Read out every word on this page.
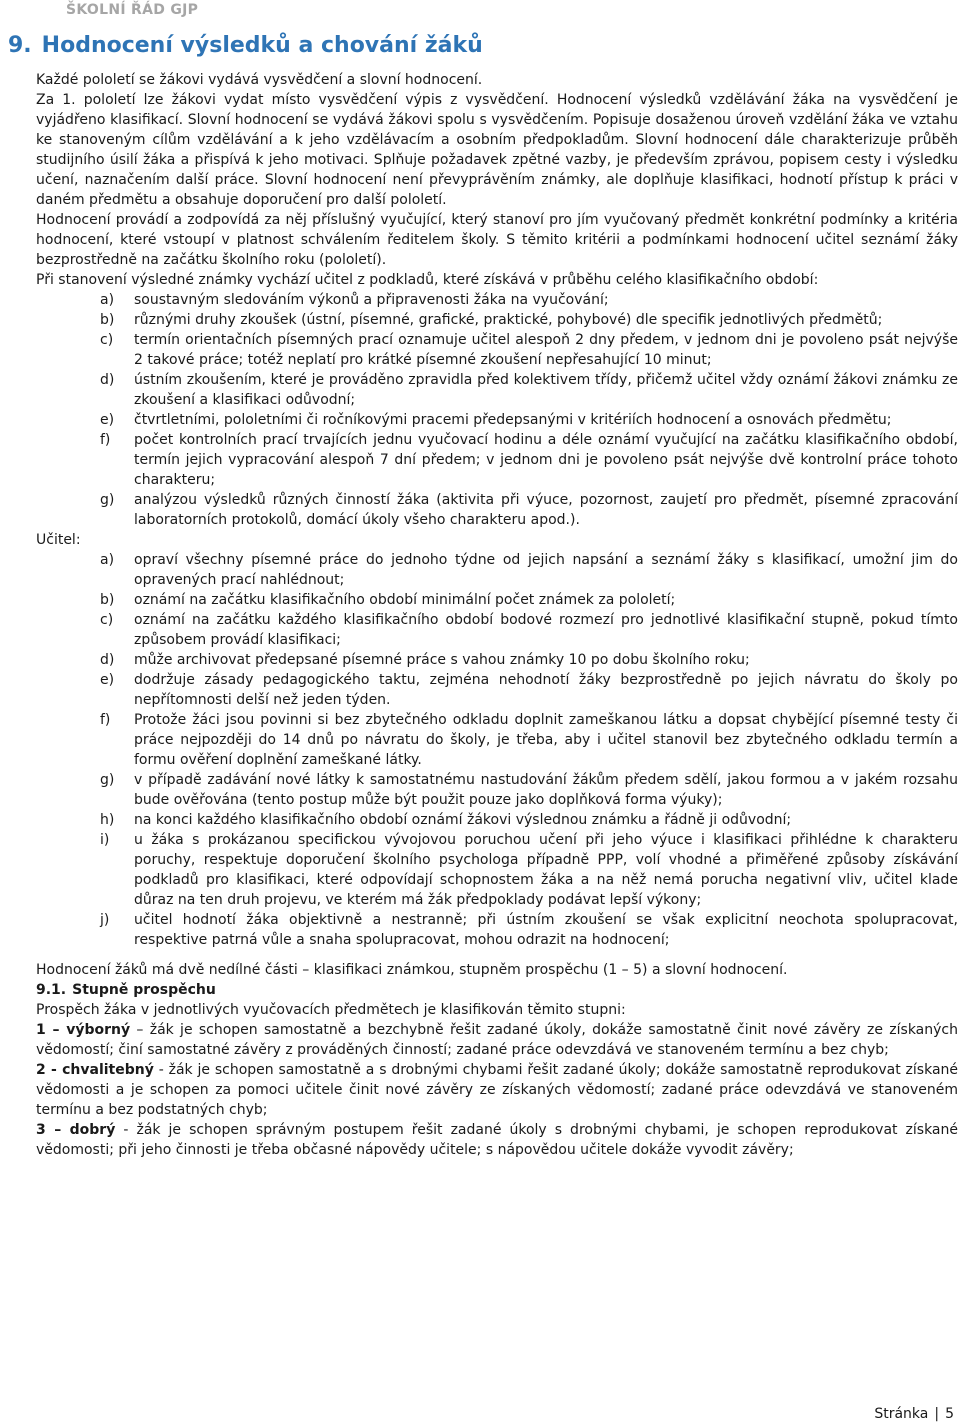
ŠKOLNÍ ŘÁD GJP
9. Hodnocení výsledků a chování žáků

Každé pololetí se žákovi vydává vysvědčení a slovní hodnocení.

Za 1. pololetí lze žákovi vydat místo vysvědčení výpis z vysvědčení. Hodnocení výsledků vzdělávání žáka na vysvědčení je vyjádřeno klasifikací. Slovní hodnocení se vydává žákovi spolu s vysvědčením. Popisuje dosaženou úroveň vzdělání žáka ve vztahu ke stanoveným cílům vzdělávání a k jeho vzdělávacím a osobním předpokladům. Slovní hodnocení dále charakterizuje průběh studijního úsilí žáka a přispívá k jeho motivaci. Splňuje požadavek zpětné vazby, je především zprávou, popisem cesty i výsledku učení, naznačením další práce. Slovní hodnocení není převyprávěním známky, ale doplňuje klasifikaci, hodnotí přístup k práci v daném předmětu a obsahuje doporučení pro další pololetí.

Hodnocení provádí a zodpovídá za něj příslušný vyučující, který stanoví pro jím vyučovaný předmět konkrétní podmínky a kritéria hodnocení, které vstoupí v platnost schválením ředitelem školy. S těmito kritérii a podmínkami hodnocení učitel seznámí žáky bezprostředně na začátku školního roku (pololetí).

Při stanovení výsledné známky vychází učitel z podkladů, které získává v průběhu celého klasifikačního období:

a) soustavným sledováním výkonů a připravenosti žáka na vyučování;
b) různými druhy zkoušek (ústní, písemné, grafické, praktické, pohybové) dle specifik jednotlivých předmětů;
c) termín orientačních písemných prací oznamuje učitel alespoň 2 dny předem, v jednom dni je povoleno psát nejvýše 2 takové práce; totéž neplatí pro krátké písemné zkoušení nepřesahující 10 minut;
d) ústním zkoušením, které je prováděno zpravidla před kolektivem třídy, přičemž učitel vždy oznámí žákovi známku ze zkoušení a klasifikaci odůvodní;
e) čtvrtletními, pololetními či ročníkovými pracemi předepsanými v kritériích hodnocení a osnovách předmětu;
f) počet kontrolních prací trvajících jednu vyučovací hodinu a déle oznámí vyučující na začátku klasifikačního období, termín jejich vypracování alespoň 7 dní předem; v jednom dni je povoleno psát nejvýše dvě kontrolní práce tohoto charakteru;
g) analýzou výsledků různých činností žáka (aktivita při výuce, pozornost, zaujetí pro předmět, písemné zpracování laboratorních protokolů, domácí úkoly všeho charakteru apod.).

Učitel:

a) opraví všechny písemné práce do jednoho týdne od jejich napsání a seznámí žáky s klasifikací, umožní jim do opravených prací nahlédnout;
b) oznámí na začátku klasifikačního období minimální počet známek za pololetí;
c) oznámí na začátku každého klasifikačního období bodové rozmezí pro jednotlivé klasifikační stupně, pokud tímto způsobem provádí klasifikaci;
d) může archivovat předepsané písemné práce s vahou známky 10 po dobu školního roku;
e) dodržuje zásady pedagogického taktu, zejména nehodnotí žáky bezprostředně po jejich návratu do školy po nepřítomnosti delší než jeden týden.
f) Protože žáci jsou povinni si bez zbytečného odkladu doplnit zameškanou látku a dopsat chybějící písemné testy či práce nejpozději do 14 dnů po návratu do školy, je třeba, aby i učitel stanovil bez zbytečného odkladu termín a formu ověření doplnění zameškané látky.
g) v případě zadávání nové látky k samostatnému nastudování žákům předem sdělí, jakou formou a v jakém rozsahu bude ověřována (tento postup může být použit pouze jako doplňková forma výuky);
h) na konci každého klasifikačního období oznámí žákovi výslednou známku a řádně ji odůvodní;
i) u žáka s prokázanou specifickou vývojovou poruchou učení při jeho výuce i klasifikaci přihlédne k charakteru poruchy, respektuje doporučení školního psychologa případně PPP, volí vhodné a přiměřené způsoby získávání podkladů pro klasifikaci, které odpovídají schopnostem žáka a na něž nemá porucha negativní vliv, učitel klade důraz na ten druh projevu, ve kterém má žák předpoklady podávat lepší výkony;
j) učitel hodnotí žáka objektivně a nestranně; při ústním zkoušení se však explicitní neochota spolupracovat, respektive patrná vůle a snaha spolupracovat, mohou odrazit na hodnocení;

Hodnocení žáků má dvě nedílné části – klasifikaci známkou, stupněm prospěchu (1 – 5) a slovní hodnocení.

9.1. Stupně prospěchu

Prospěch žáka v jednotlivých vyučovacích předmětech je klasifikován těmito stupni:

1 – výborný – žák je schopen samostatně a bezchybně řešit zadané úkoly, dokáže samostatně činit nové závěry ze získaných vědomostí; činí samostatné závěry z prováděných činností; zadané práce odevzdává ve stanoveném termínu a bez chyb;

2 - chvalitebný - žák je schopen samostatně a s drobnými chybami řešit zadané úkoly; dokáže samostatně reprodukovat získané vědomosti a je schopen za pomoci učitele činit nové závěry ze získaných vědomostí; zadané práce odevzdává ve stanoveném termínu a bez podstatných chyb;

3 – dobrý - žák je schopen správným postupem řešit zadané úkoly s drobnými chybami, je schopen reprodukovat získané vědomosti; při jeho činnosti je třeba občasné nápovědy učitele; s nápovědou učitele dokáže vyvodit závěry;

Stránka | 5
